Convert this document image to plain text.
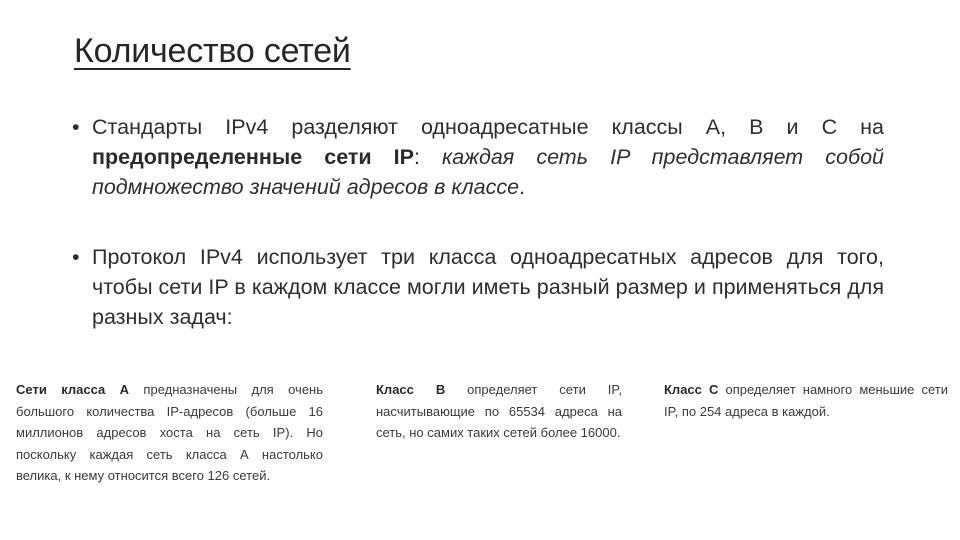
Количество сетей
• Стандарты IPv4 разделяют одноадресатные классы A, B и C на предопределенные сети IP: каждая сеть IP представляет собой подмножество значений адресов в классе.
• Протокол IPv4 использует три класса одноадресатных адресов для того, чтобы сети IP в каждом классе могли иметь разный размер и применяться для разных задач:
Сети класса А предназначены для очень большого количества IP-адресов (больше 16 миллионов адресов хоста на сеть IP). Но поскольку каждая сеть класса А настолько велика, к нему относится всего 126 сетей.
Класс В определяет сети IP, насчитывающие по 65534 адреса на сеть, но самих таких сетей более 16000.
Класс С определяет намного меньшие сети IP, по 254 адреса в каждой.
